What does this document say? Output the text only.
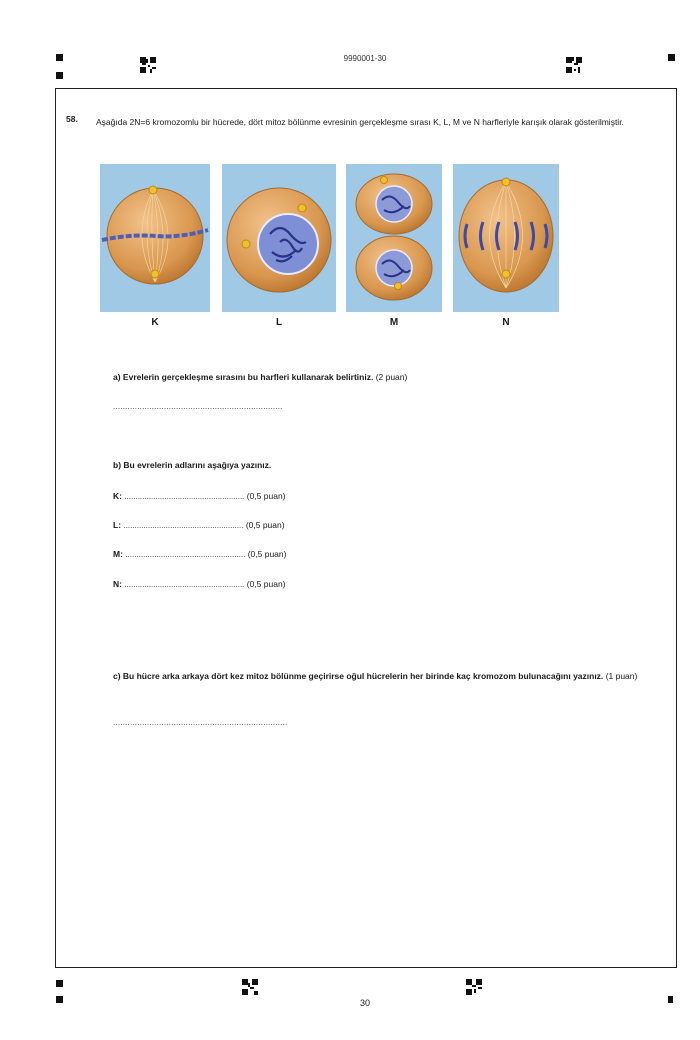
9990001-30
58. Aşağıda 2N=6 kromozomlu bir hücrede, dört mitoz bölünme evresinin gerçekleşme sırası K, L, M ve N harfleriyle karışık olarak gösterilmiştir.
K	L	M	N
a) Evrelerin gerçekleşme sırasını bu harfleri kullanarak belirtiniz. (2 puan)
......................................................................
b) Bu evrelerin adlarını aşağıya yazınız.
K: ...................................................... (0,5 puan)
L: ...................................................... (0,5 puan)
M: ...................................................... (0,5 puan)
N: ...................................................... (0,5 puan)
c) Bu hücre arka arkaya dört kez mitoz bölünme geçirirse oğul hücrelerin her birinde kaç kromozom bulunacağını yazınız. (1 puan)
........................................................................
30
